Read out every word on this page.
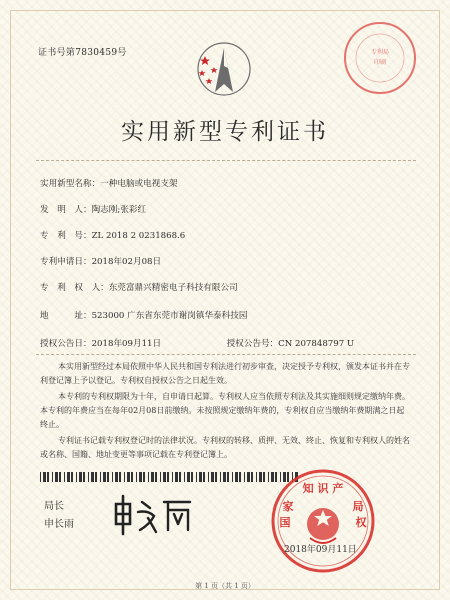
证书号第7830459号	专利局
印刷
实用新型专利证书
实用新型名称：一种电脑或电视支架
发　明　人：陶志刚;张彩红
专　利　号：ZL 2018 2 0231868.6
专利申请日：2018年02月08日
专　利　权　人：东莞富鼎兴精密电子科技有限公司
地　　　址：523000 广东省东莞市谢岗镇华泰科技园
授权公告日：2018年09月11日	授权公告号：CN 207848797 U
本实用新型经过本局依照中华人民共和国专利法进行初步审查，决定授予专利权，颁发本证书并在专利登记簿上予以登记。专利权自授权公告之日起生效。
本专利的专利权期限为十年，自申请日起算。专利权人应当依照专利法及其实施细则规定缴纳年费。本专利的年费应当在每年02月08日前缴纳。未按照规定缴纳年费的，专利权自应当缴纳年费期满之日起终止。
专利证书记载专利权登记时的法律状况。专利权的转移、质押、无效、终止、恢复和专利权人的姓名或名称、国籍、地址变更等事项记载在专利登记簿上。
局长
申长雨
知 识 产
国	权
家	局
2018年09月11日
第 1 页（共 1 页）
